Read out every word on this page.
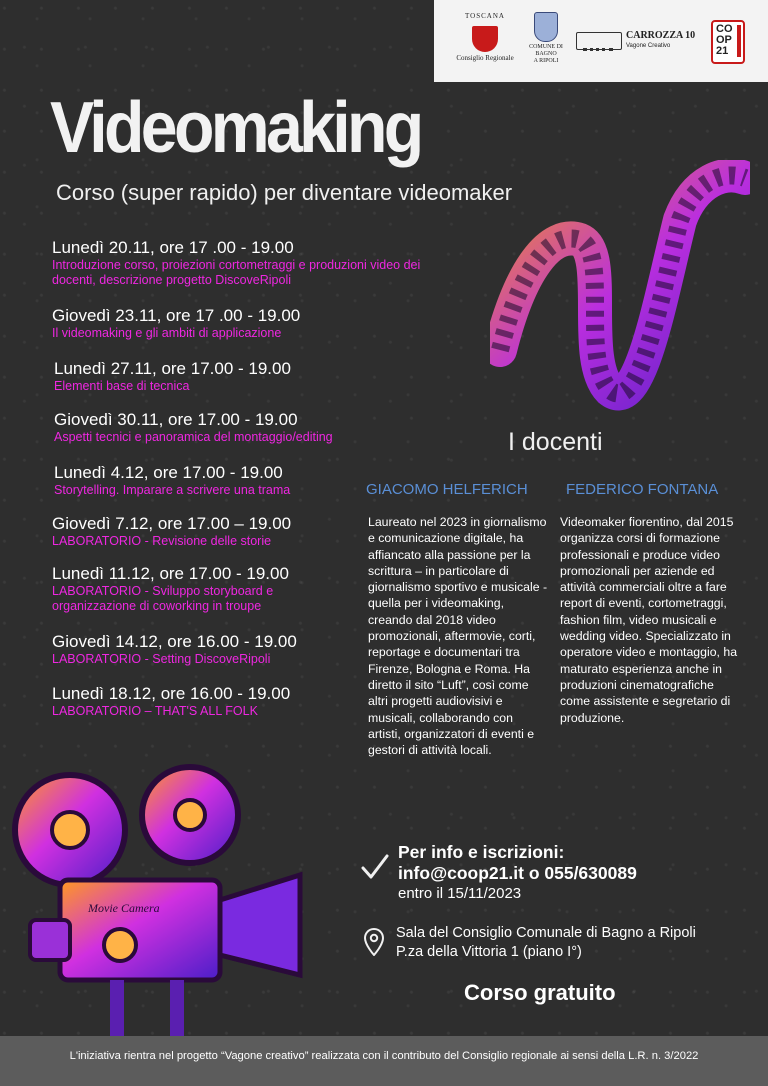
TOSCANA
Consiglio Regionale
COMUNE DI
BAGNO
A RIPOLI
CARROZZA 10
Vagone Creativo
CO OP 21
Videomaking
Corso (super rapido) per diventare videomaker
Lunedì 20.11, ore 17 .00 - 19.00
Introduzione corso, proiezioni cortometraggi e produzioni video dei docenti, descrizione progetto DiscoveRipoli
Giovedì 23.11, ore 17 .00 - 19.00
Il videomaking e gli ambiti di applicazione
Lunedì 27.11, ore 17.00 - 19.00
Elementi base di tecnica
Giovedì 30.11, ore 17.00 - 19.00
Aspetti tecnici e panoramica del montaggio/editing
Lunedì 4.12, ore 17.00 - 19.00
Storytelling. Imparare a scrivere una trama
Giovedì 7.12, ore 17.00 – 19.00
LABORATORIO - Revisione delle storie
Lunedì 11.12, ore 17.00 - 19.00
LABORATORIO - Sviluppo storyboard e organizzazione di coworking in troupe
Giovedì 14.12, ore 16.00 - 19.00
LABORATORIO - Setting DiscoveRipoli
Lunedì 18.12, ore 16.00 - 19.00
LABORATORIO – THAT'S ALL FOLK
I docenti
GIACOMO HELFERICH	FEDERICO FONTANA
Laureato nel 2023 in giornalismo e comunicazione digitale, ha affiancato alla passione per la scrittura – in particolare di giornalismo sportivo e musicale - quella per i videomaking, creando dal 2018 video promozionali, aftermovie, corti, reportage e documentari tra Firenze, Bologna e Roma. Ha diretto il sito “Luft”, così come altri progetti audiovisivi e musicali, collaborando con artisti, organizzatori di eventi e gestori di attività locali.
Videomaker fiorentino, dal 2015 organizza corsi di formazione professionali e produce video promozionali per aziende ed attività commerciali oltre a fare report di eventi, cortometraggi, fashion film, video musicali e wedding video. Specializzato in operatore video e montaggio, ha maturato esperienza anche in produzioni cinematografiche come assistente e segretario di produzione.
Per info e iscrizioni:
info@coop21.it o 055/630089
entro il 15/11/2023
Sala del Consiglio Comunale di Bagno a Ripoli
P.za della Vittoria 1 (piano I°)
Corso gratuito
Movie Camera
L'iniziativa rientra nel progetto “Vagone creativo” realizzata con il contributo del Consiglio regionale ai sensi della L.R. n. 3/2022
